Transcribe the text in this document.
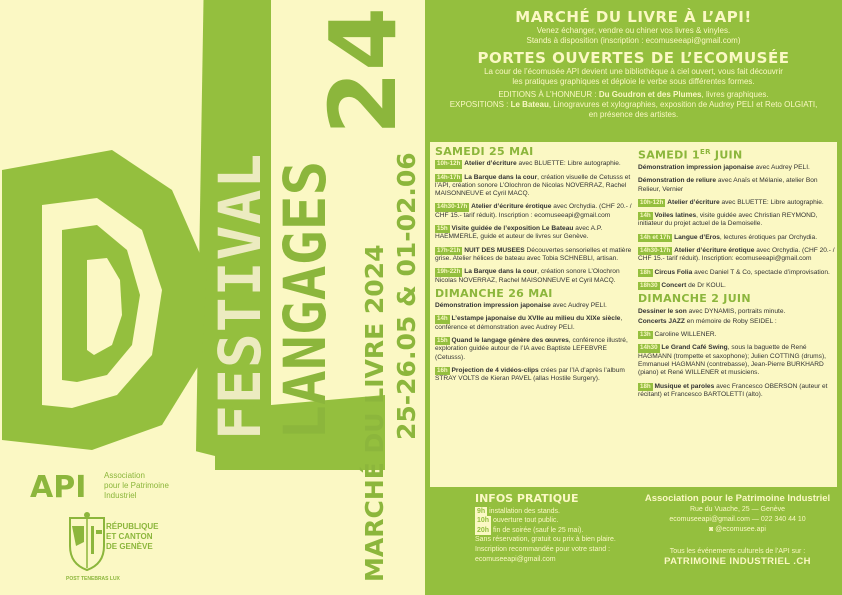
FESTIVAL
LANGAGES
24
25-26.05 & 01-02.06
MARCHÉ DU LIVRE 2024
API Association
pour le Patrimoine
Industriel
RÉPUBLIQUE
ET CANTON
DE GENÈVE
POST TENEBRAS LUX
MARCHÉ DU LIVRE À L’API!
Venez échanger, vendre ou chiner vos livres & vinyles.
Stands à disposition (inscription : ecomuseeapi@gmail.com)
PORTES OUVERTES DE L’ECOMUSÉE
La cour de l’écomusée API devient une bibliothèque à ciel ouvert, vous fait découvrir
les pratiques graphiques et déploie le verbe sous différentes formes.
EDITIONS À L’HONNEUR : Du Goudron et des Plumes, livres graphiques.
EXPOSITIONS : Le Bateau, Linogravures et xylographies, exposition de Audrey PELI et Reto OLGIATI,
en présence des artistes.
SAMEDI 25 MAI
10h-12h Atelier d’écriture avec BLUETTE: Libre autographie.
14h-17h La Barque dans la cour, création visuelle de Cetusss et l’API, création sonore L’Olochron de Nicolas NOVERRAZ, Rachel MAISONNEUVE et Cyril MACQ.
14h30-17h Atelier d’écriture érotique avec Orchydia. (CHF 20.- / CHF 15.- tarif réduit). Inscription : ecomuseeapi@gmail.com
15h Visite guidée de l’exposition Le Bateau avec A.P. HAEMMERLE, guide et auteur de livres sur Genève.
17h-21h NUIT DES MUSEES Découvertes sensorielles et matière grise. Atelier hélices de bateau avec Tobia SCHNEBLI, artisan.
19h-22h La Barque dans la cour, création sonore L’Olochron Nicolas NOVERRAZ, Rachel MAISONNEUVE et Cyril MACQ.
DIMANCHE 26 MAI
Démonstration impression japonaise avec Audrey PELI.
14h L’estampe japonaise du XVIIe au milieu du XIXe siècle, conférence et démonstration avec Audrey PELI.
15h Quand le langage génère des œuvres, conférence illustré, exploration guidée autour de l’IA avec Baptiste LEFEBVRE (Cetusss).
16h Projection de 4 vidéos-clips crées par l’IA d’après l’album STRAY VOLTS de Kieran PAVEL (allas Hostile Surgery).
SAMEDI 1ER JUIN
Démonstration impression japonaise avec Audrey PELI.
Démonstration de reliure avec Anaïs et Mélanie, atelier Bon Relieur, Vernier
10h-12h Atelier d’écriture avec BLUETTE: Libre autographie.
14h Voiles latines, visite guidée avec Christian REYMOND, initiateur du projet actuel de la Demoiselle.
14h et 17h Langue d’Eros, lectures érotiques par Orchydia.
14h30-17h Atelier d’écriture érotique avec Orchydia. (CHF 20.- / CHF 15.- tarif réduit). Inscription: ecomuseeapi@gmail.com
18h Circus Folia avec Daniel T & Co, spectacle d’improvisation.
18h30 Concert de Dr KOUL.
DIMANCHE 2 JUIN
Dessiner le son avec DYNAMIS, portraits minute.
Concerts JAZZ en mémoire de Roby SEIDEL :
13h Caroline WILLENER.
14h30 Le Grand Café Swing, sous la baguette de René HAGMANN (trompette et saxophone); Julien COTTING (drums), Emmanuel HAGMANN (contrebasse), Jean-Pierre BURKHARD (piano) et René WILLENER et musiciens.
18h Musique et paroles avec Francesco OBERSON (auteur et récitant) et Francesco BARTOLETTI (alto).
INFOS PRATIQUE
9h installation des stands.
10h ouverture tout public.
20h fin de soirée (sauf le 25 mai).
Sans réservation, gratuit ou prix à bien plaire.
Inscription recommandée pour votre stand :
ecomuseeapi@gmail.com
Association pour le Patrimoine Industriel
Rue du Vuache, 25 — Genève
ecomuseeapi@gmail.com — 022 340 44 10
◙ @ecomusee.api
Tous les événements culturels de l’API sur :
PATRIMOINE INDUSTRIEL .CH
